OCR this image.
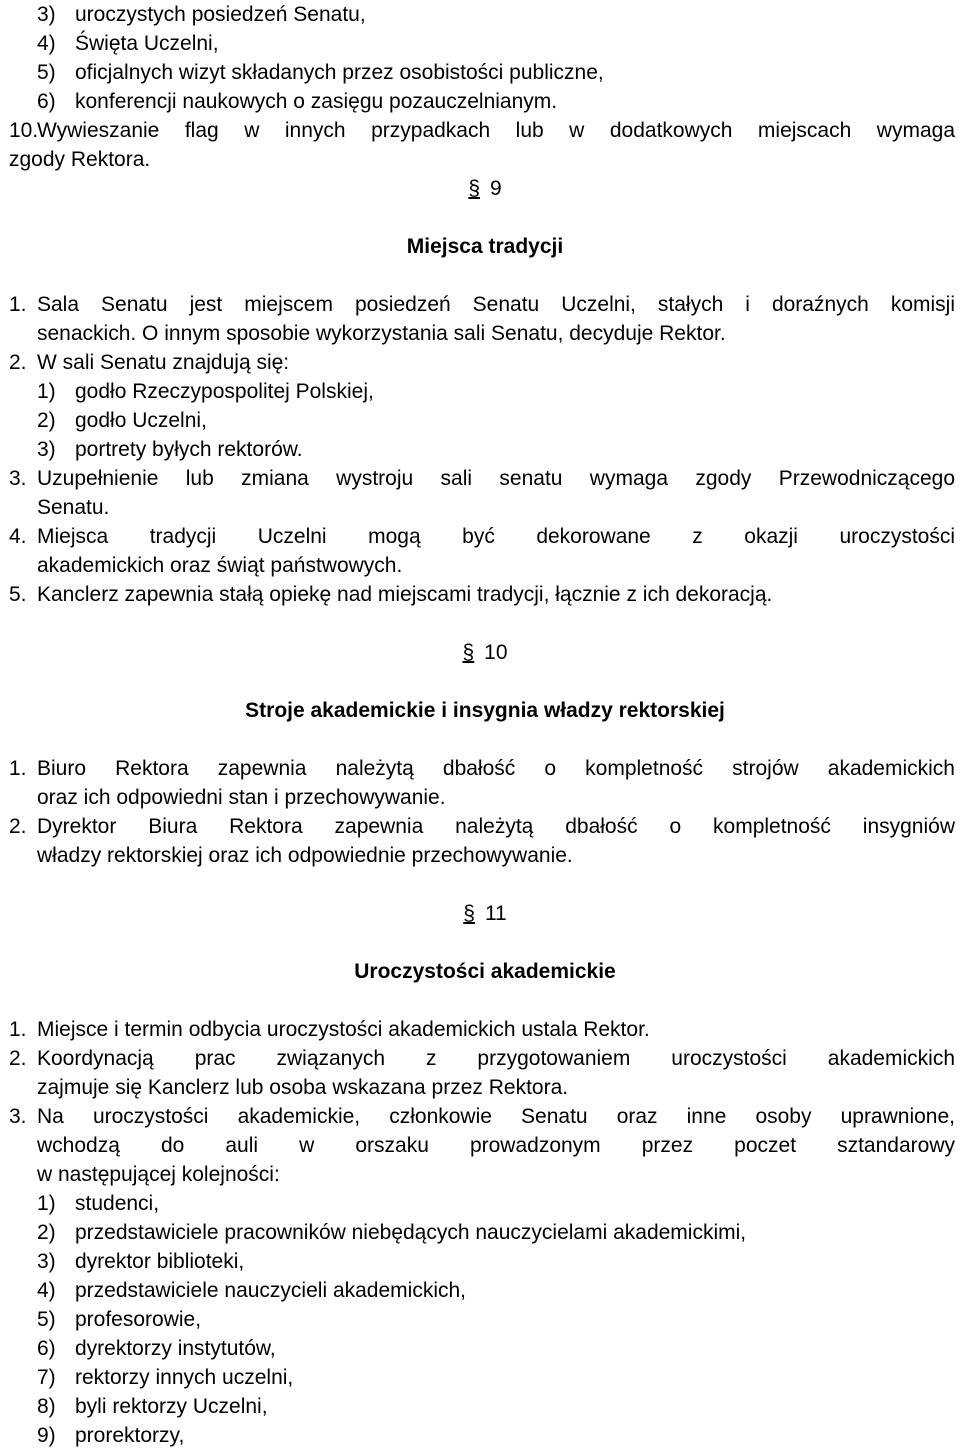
3) uroczystych posiedzeń Senatu,
4) Święta Uczelni,
5) oficjalnych wizyt składanych przez osobistości publiczne,
6) konferencji naukowych o zasięgu pozauczelnianym.
10.
Wywieszanie flag w innych przypadkach lub w dodatkowych miejscach wymaga
zgody Rektora.
§ 9
Miejsca tradycji
1. Sala Senatu jest miejscem posiedzeń Senatu Uczelni, stałych i doraźnych komisji
senackich. O innym sposobie wykorzystania sali Senatu, decyduje Rektor.
2. W sali Senatu znajdują się:
1) godło Rzeczypospolitej Polskiej,
2) godło Uczelni,
3) portrety byłych rektorów.
3. Uzupełnienie lub zmiana wystroju sali senatu wymaga zgody Przewodniczącego
Senatu.
4. Miejsca tradycji Uczelni mogą być dekorowane z okazji uroczystości
akademickich oraz świąt państwowych.
5. Kanclerz zapewnia stałą opiekę nad miejscami tradycji, łącznie z ich dekoracją.
§ 10
Stroje akademickie i insygnia władzy rektorskiej
1. Biuro Rektora zapewnia należytą dbałość o kompletność strojów akademickich
oraz ich odpowiedni stan i przechowywanie.
2. Dyrektor Biura Rektora zapewnia należytą dbałość o kompletność insygniów
władzy rektorskiej oraz ich odpowiednie przechowywanie.
§ 11
Uroczystości akademickie
1. Miejsce i termin odbycia uroczystości akademickich ustala Rektor.
2. Koordynacją prac związanych z przygotowaniem uroczystości akademickich
zajmuje się Kanclerz lub osoba wskazana przez Rektora.
3. Na uroczystości akademickie, członkowie Senatu oraz inne osoby uprawnione,
wchodzą do auli w orszaku prowadzonym przez poczet sztandarowy
w następującej kolejności:
1) studenci,
2) przedstawiciele pracowników niebędących nauczycielami akademickimi,
3) dyrektor biblioteki,
4) przedstawiciele nauczycieli akademickich,
5) profesorowie,
6) dyrektorzy instytutów,
7) rektorzy innych uczelni,
8) byli rektorzy Uczelni,
9) prorektorzy,
